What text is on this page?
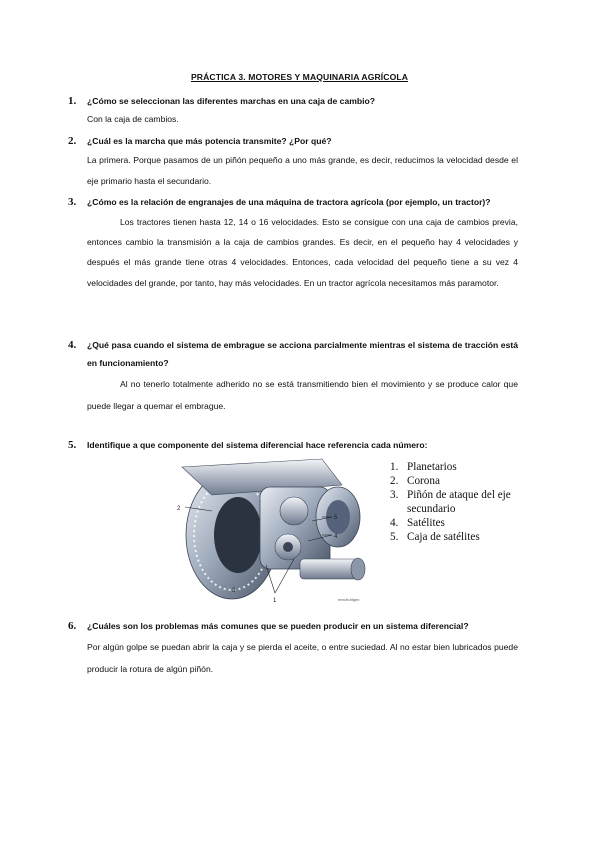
PRÁCTICA 3. MOTORES Y MAQUINARIA AGRÍCOLA
1. ¿Cómo se seleccionan las diferentes marchas en una caja de cambio?
Con la caja de cambios.
2. ¿Cuál es la marcha que más potencia transmite? ¿Por qué?
La primera. Porque pasamos de un piñón pequeño a uno más grande, es decir, reducimos la velocidad desde el eje primario hasta el secundario.
3. ¿Cómo es la relación de engranajes de una máquina de tractora agrícola (por ejemplo, un tractor)?
Los tractores tienen hasta 12, 14 o 16 velocidades. Esto se consigue con una caja de cambios previa, entonces cambio la transmisión a la caja de cambios grandes. Es decir, en el pequeño hay 4 velocidades y después el más grande tiene otras 4 velocidades. Entonces, cada velocidad del pequeño tiene a su vez 4 velocidades del grande, por tanto, hay más velocidades. En un tractor agrícola necesitamos más paramotor.
4. ¿Qué pasa cuando el sistema de embrague se acciona parcialmente mientras el sistema de tracción está en funcionamiento?
Al no tenerlo totalmente adherido no se está transmitiendo bien el movimiento y se produce calor que puede llegar a quemar el embrague.
5. Identifique a que componente del sistema diferencial hace referencia cada número:
2
5
4
1
3
rexroth-bilgen
1. Planetarios
2. Corona
3. Piñón de ataque del eje secundario
4. Satélites
5. Caja de satélites
6. ¿Cuáles son los problemas más comunes que se pueden producir en un sistema diferencial?
Por algún golpe se puedan abrir la caja y se pierda el aceite, o entre suciedad. Al no estar bien lubricados puede producir la rotura de algún piñón.
